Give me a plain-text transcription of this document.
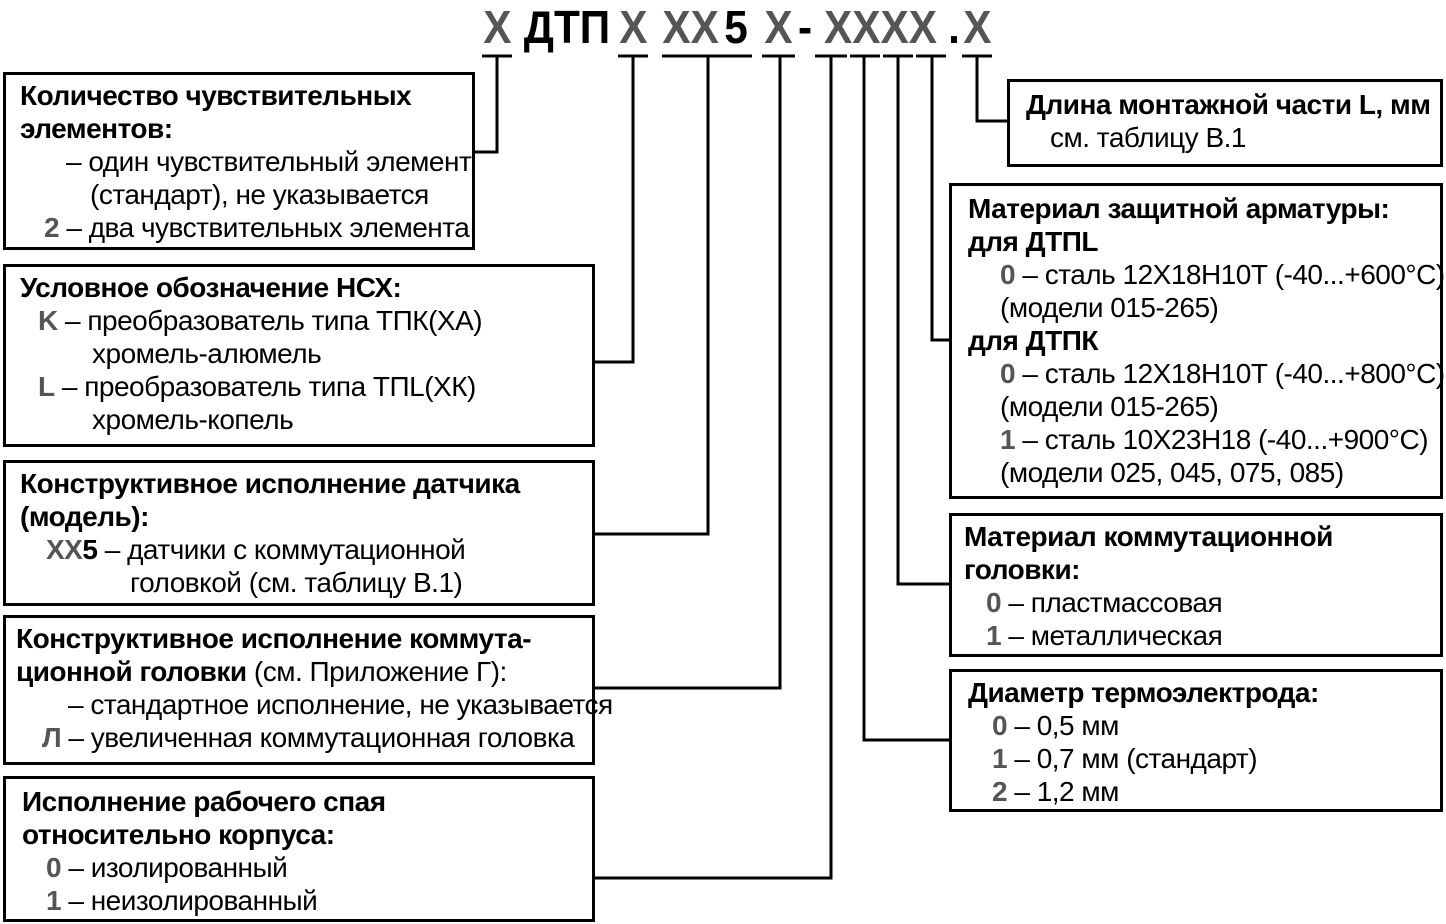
Х ДТП Х ХХ 5 Х - ХХХХ . Х
Количество чувствительных
элементов:
– один чувствительный элемент
(стандарт), не указывается
2 – два чувствительных элемента
Условное обозначение НСХ:
K – преобразователь типа ТПК(ХА)
хромель-алюмель
L – преобразователь типа ТПL(ХК)
хромель-копель
Конструктивное исполнение датчика
(модель):
ХХ5 – датчики с коммутационной
головкой (см. таблицу В.1)
Конструктивное исполнение коммута-
ционной головки (см. Приложение Г):
– стандартное исполнение, не указывается
Л – увеличенная коммутационная головка
Исполнение рабочего спая
относительно корпуса:
0 – изолированный
1 – неизолированный
Длина монтажной части L, мм
см. таблицу В.1
Материал защитной арматуры:
для ДТПL
0 – сталь 12Х18Н10Т (-40...+600°С)
(модели 015-265)
для ДТПК
0 – сталь 12Х18Н10Т (-40...+800°С)
(модели 015-265)
1 – сталь 10Х23Н18 (-40...+900°С)
(модели 025, 045, 075, 085)
Материал коммутационной
головки:
0 – пластмассовая
1 – металлическая
Диаметр термоэлектрода:
0 – 0,5 мм
1 – 0,7 мм (стандарт)
2 – 1,2 мм
